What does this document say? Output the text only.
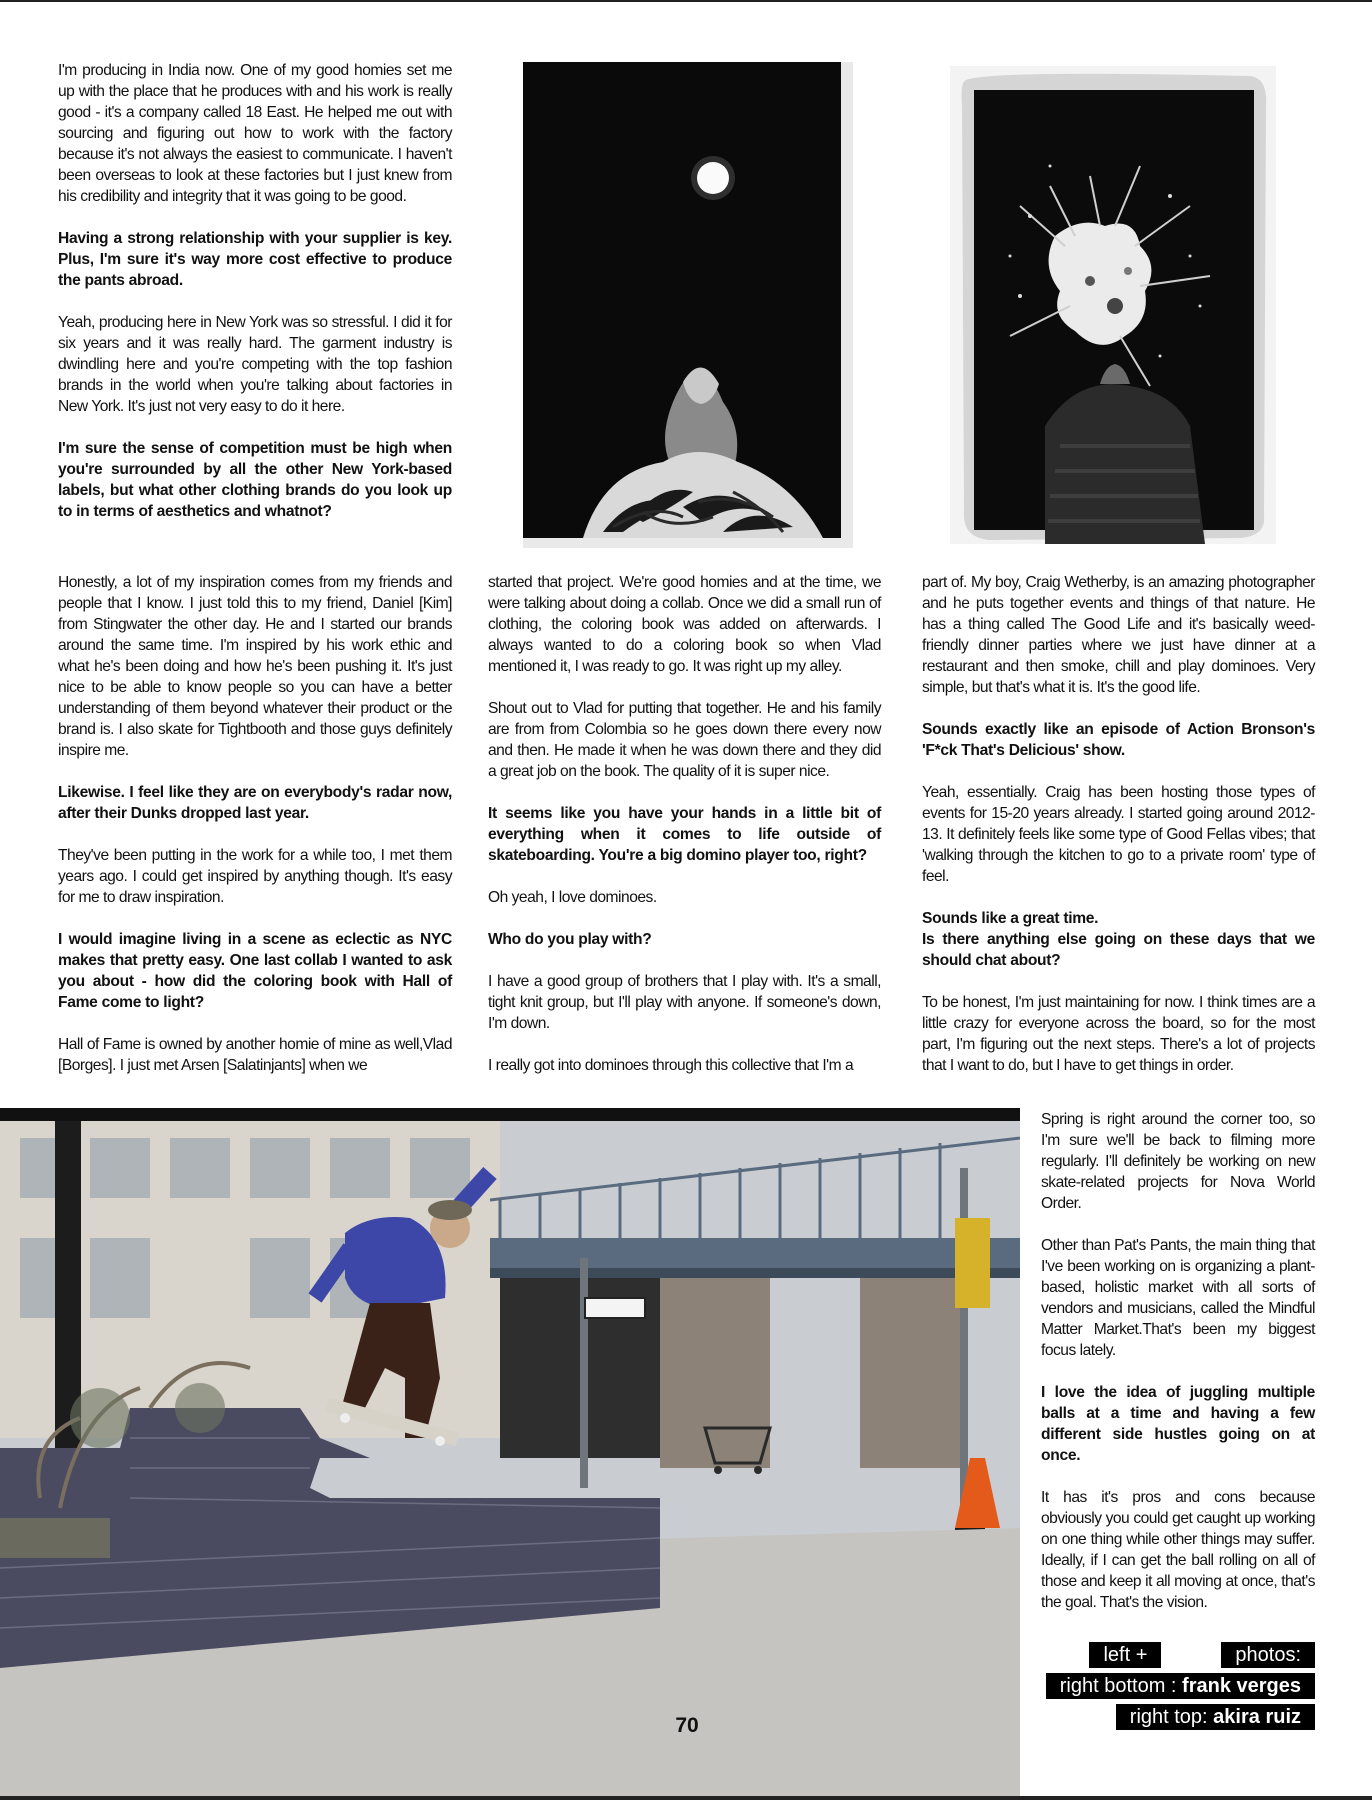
I'm producing in India now. One of my good homies set me up with the place that he produces with and his work is really good - it's a company called 18 East. He helped me out with sourcing and figuring out how to work with the factory because it's not always the easiest to communicate. I haven't been overseas to look at these factories but I just knew from his credibility and integrity that it was going to be good.

Having a strong relationship with your supplier is key. Plus, I'm sure it's way more cost effective to produce the pants abroad.

Yeah, producing here in New York was so stressful. I did it for six years and it was really hard. The garment industry is dwindling here and you're competing with the top fashion brands in the world when you're talking about factories in New York. It's just not very easy to do it here.

I'm sure the sense of competition must be high when you're surrounded by all the other New York-based labels, but what other clothing brands do you look up to in terms of aesthetics and whatnot?

Honestly, a lot of my inspiration comes from my friends and people that I know. I just told this to my friend, Daniel [Kim] from Stingwater the other day. He and I started our brands around the same time. I'm inspired by his work ethic and what he's been doing and how he's been pushing it. It's just nice to be able to know people so you can have a better understanding of them beyond whatever their product or the brand is. I also skate for Tightbooth and those guys definitely inspire me.

Likewise. I feel like they are on everybody's radar now, after their Dunks dropped last year.

They've been putting in the work for a while too, I met them years ago. I could get inspired by anything though. It's easy for me to draw inspiration.

I would imagine living in a scene as eclectic as NYC makes that pretty easy. One last collab I wanted to ask you about - how did the coloring book with Hall of Fame come to light?

Hall of Fame is owned by another homie of mine as well,Vlad [Borges]. I just met Arsen [Salatinjants] when we

started that project. We're good homies and at the time, we were talking about doing a collab. Once we did a small run of clothing, the coloring book was added on afterwards. I always wanted to do a coloring book so when Vlad mentioned it, I was ready to go. It was right up my alley.

Shout out to Vlad for putting that together. He and his family are from from Colombia so he goes down there every now and then. He made it when he was down there and they did a great job on the book. The quality of it is super nice.

It seems like you have your hands in a little bit of everything when it comes to life outside of skateboarding. You're a big domino player too, right?

Oh yeah, I love dominoes.

Who do you play with?

I have a good group of brothers that I play with. It's a small, tight knit group, but I'll play with anyone. If someone's down, I'm down.

I really got into dominoes through this collective that I'm a

part of. My boy, Craig Wetherby, is an amazing photographer and he puts together events and things of that nature. He has a thing called The Good Life and it's basically weed-friendly dinner parties where we just have dinner at a restaurant and then smoke, chill and play dominoes. Very simple, but that's what it is. It's the good life.

Sounds exactly like an episode of Action Bronson's 'F*ck That's Delicious' show.

Yeah, essentially. Craig has been hosting those types of events for 15-20 years already. I started going around 2012-13. It definitely feels like some type of Good Fellas vibes; that 'walking through the kitchen to go to a private room' type of feel.

Sounds like a great time.
Is there anything else going on these days that we should chat about?

To be honest, I'm just maintaining for now. I think times are a little crazy for everyone across the board, so for the most part, I'm figuring out the next steps. There's a lot of projects that I want to do, but I have to get things in order.

Spring is right around the corner too, so I'm sure we'll be back to filming more regularly. I'll definitely be working on new skate-related projects for Nova World Order.

Other than Pat's Pants, the main thing that I've been working on is organizing a plant-based, holistic market with all sorts of vendors and musicians, called the Mindful Matter Market.That's been my biggest focus lately.

I love the idea of juggling multiple balls at a time and having a few different side hustles going on at once.

It has it's pros and cons because obviously you could get caught up working on one thing while other things may suffer. Ideally, if I can get the ball rolling on all of those and keep it all moving at once, that's the goal. That's the vision.

left +	photos:
right bottom : frank verges
right top: akira ruiz
70
